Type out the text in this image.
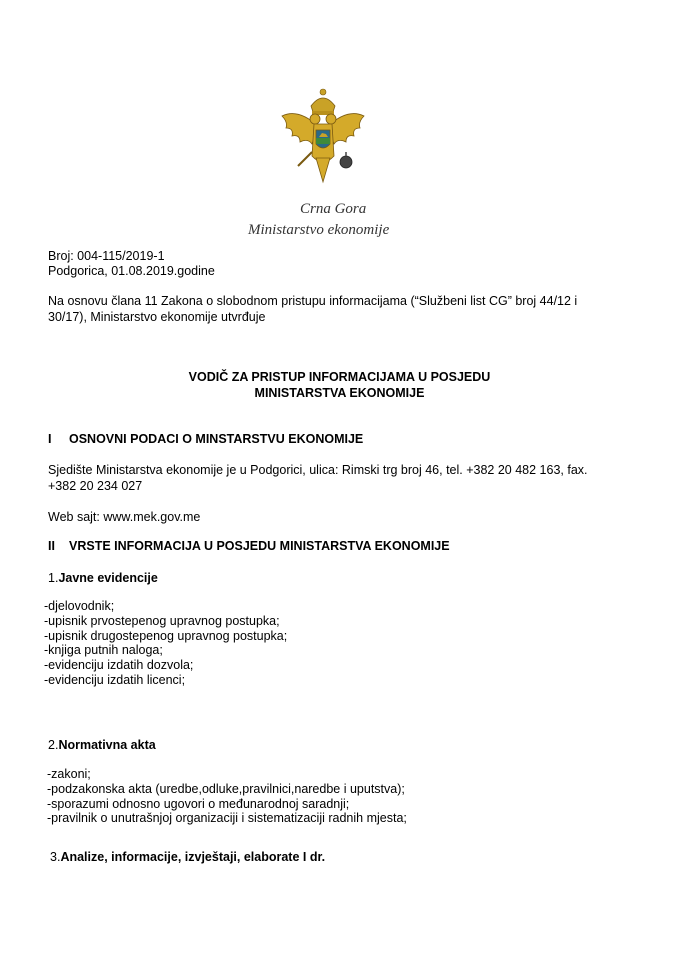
Crna Gora
Ministarstvo ekonomije
Broj: 004-115/2019-1
Podgorica, 01.08.2019.godine
Na osnovu člana 11 Zakona o slobodnom pristupu informacijama (“Službeni list CG” broj 44/12 i
30/17), Ministarstvo ekonomije utvrđuje
VODIČ ZA PRISTUP INFORMACIJAMA U POSJEDU
MINISTARSTVA EKONOMIJE
I OSNOVNI PODACI O MINSTARSTVU EKONOMIJE
Sjedište Ministarstva ekonomije je u Podgorici, ulica: Rimski trg broj 46, tel. +382 20 482 163, fax.
+382 20 234 027
Web sajt: www.mek.gov.me
II VRSTE INFORMACIJA U POSJEDU MINISTARSTVA EKONOMIJE
1.Javne evidencije
-djelovodnik;
-upisnik prvostepenog upravnog postupka;
-upisnik drugostepenog upravnog postupka;
-knjiga putnih naloga;
-evidenciju izdatih dozvola;
-evidenciju izdatih licenci;
2.Normativna akta
-zakoni;
-podzakonska akta (uredbe,odluke,pravilnici,naredbe i uputstva);
-sporazumi odnosno ugovori o međunarodnoj saradnji;
-pravilnik o unutrašnjoj organizaciji i sistematizaciji radnih mjesta;
3.Analize, informacije, izvještaji, elaborate I dr.
